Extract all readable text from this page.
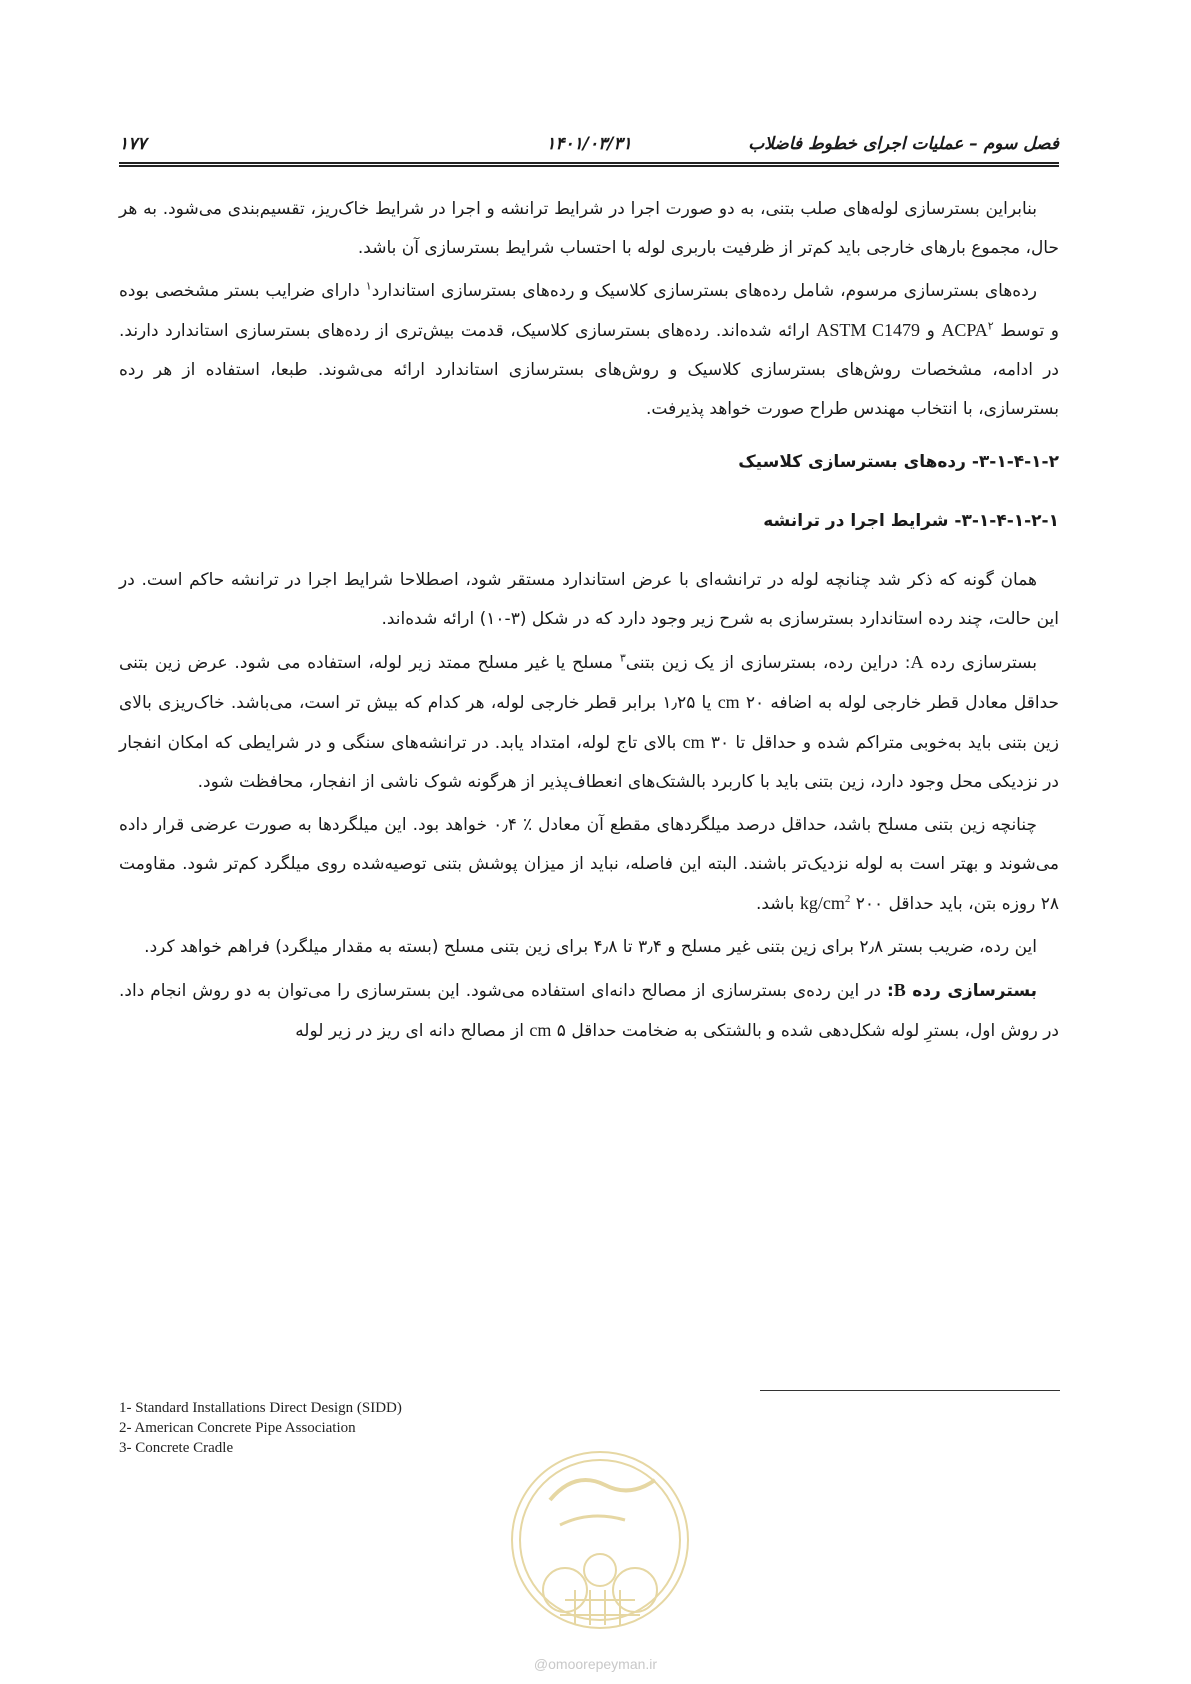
فصل سوم – عملیات اجرای خطوط فاضلاب
۱۴۰۱/۰۳/۳۱
۱۷۷

بنابراین بسترسازی لوله‌های صلب بتنی، به دو صورت اجرا در شرایط ترانشه و اجرا در شرایط خاک‌ریز، تقسیم‌بندی می‌شود. به هر حال، مجموع بارهای خارجی باید کم‌تر از ظرفیت باربری لوله با احتساب شرایط بسترسازی آن باشد.

رده‌های بسترسازی مرسوم، شامل رده‌های بسترسازی کلاسیک و رده‌های بسترسازی استاندارد$^۱$ دارای ضرایب بستر مشخصی بوده و توسط ACPA$^۲$ و ASTM C1479 ارائه شده‌اند. رده‌های بسترسازی کلاسیک، قدمت بیش‌تری از رده‌های بسترسازی استاندارد دارند. در ادامه، مشخصات روش‌های بسترسازی کلاسیک و روش‌های بسترسازی استاندارد ارائه می‌شوند. طبعا، استفاده از هر رده بسترسازی، با انتخاب مهندس طراح صورت خواهد پذیرفت.

۳-۱-۴-۱-۲- رده‌های بسترسازی کلاسیک
۳-۱-۴-۱-۲-۱- شرایط اجرا در ترانشه

همان گونه که ذکر شد چنانچه لوله در ترانشه‌ای با عرض استاندارد مستقر شود، اصطلاحا شرایط اجرا در ترانشه حاکم است. در این حالت، چند رده استاندارد بسترسازی به شرح زیر وجود دارد که در شکل (۳-۱۰) ارائه شده‌اند.

بسترسازی رده A: دراین رده، بسترسازی از یک زین بتنی$^۳$ مسلح یا غیر مسلح ممتد زیر لوله، استفاده می شود. عرض زین بتنی حداقل معادل قطر خارجی لوله به اضافه ۲۰ cm یا ۱٫۲۵ برابر قطر خارجی لوله، هر کدام که بیش تر است، می‌باشد. خاک‌ریزی بالای زین بتنی باید به‌خوبی متراکم شده و حداقل تا ۳۰ cm بالای تاج لوله، امتداد یابد. در ترانشه‌های سنگی و در شرایطی که امکان انفجار در نزدیکی محل وجود دارد، زین بتنی باید با کاربرد بالشتک‌های انعطاف‌پذیر از هرگونه شوک ناشی از انفجار، محافظت شود.

چنانچه زین بتنی مسلح باشد، حداقل درصد میلگردهای مقطع آن معادل ٪ ۰٫۴ خواهد بود. این میلگردها به صورت عرضی قرار داده می‌شوند و بهتر است به لوله نزدیک‌تر باشند. البته این فاصله، نباید از میزان پوشش بتنی توصیه‌شده روی میلگرد کم‌تر شود. مقاومت ۲۸ روزه بتن، باید حداقل $kg/cm^2$ ۲۰۰ باشد.

این رده، ضریب بستر ۲٫۸ برای زین بتنی غیر مسلح و ۳٫۴ تا ۴٫۸ برای زین بتنی مسلح (بسته به مقدار میلگرد) فراهم خواهد کرد.

بسترسازی رده B: در این رده‌ی بسترسازی از مصالح دانه‌ای استفاده می‌شود. این بسترسازی را می‌توان به دو روش انجام داد. در روش اول، بسترِ لوله شکل‌دهی شده و بالشتکی به ضخامت حداقل ۵ cm از مصالح دانه ای ریز در زیر لوله

1- Standard Installations Direct Design (SIDD)
2- American Concrete Pipe Association
3- Concrete Cradle
@omoorepeyman.ir
